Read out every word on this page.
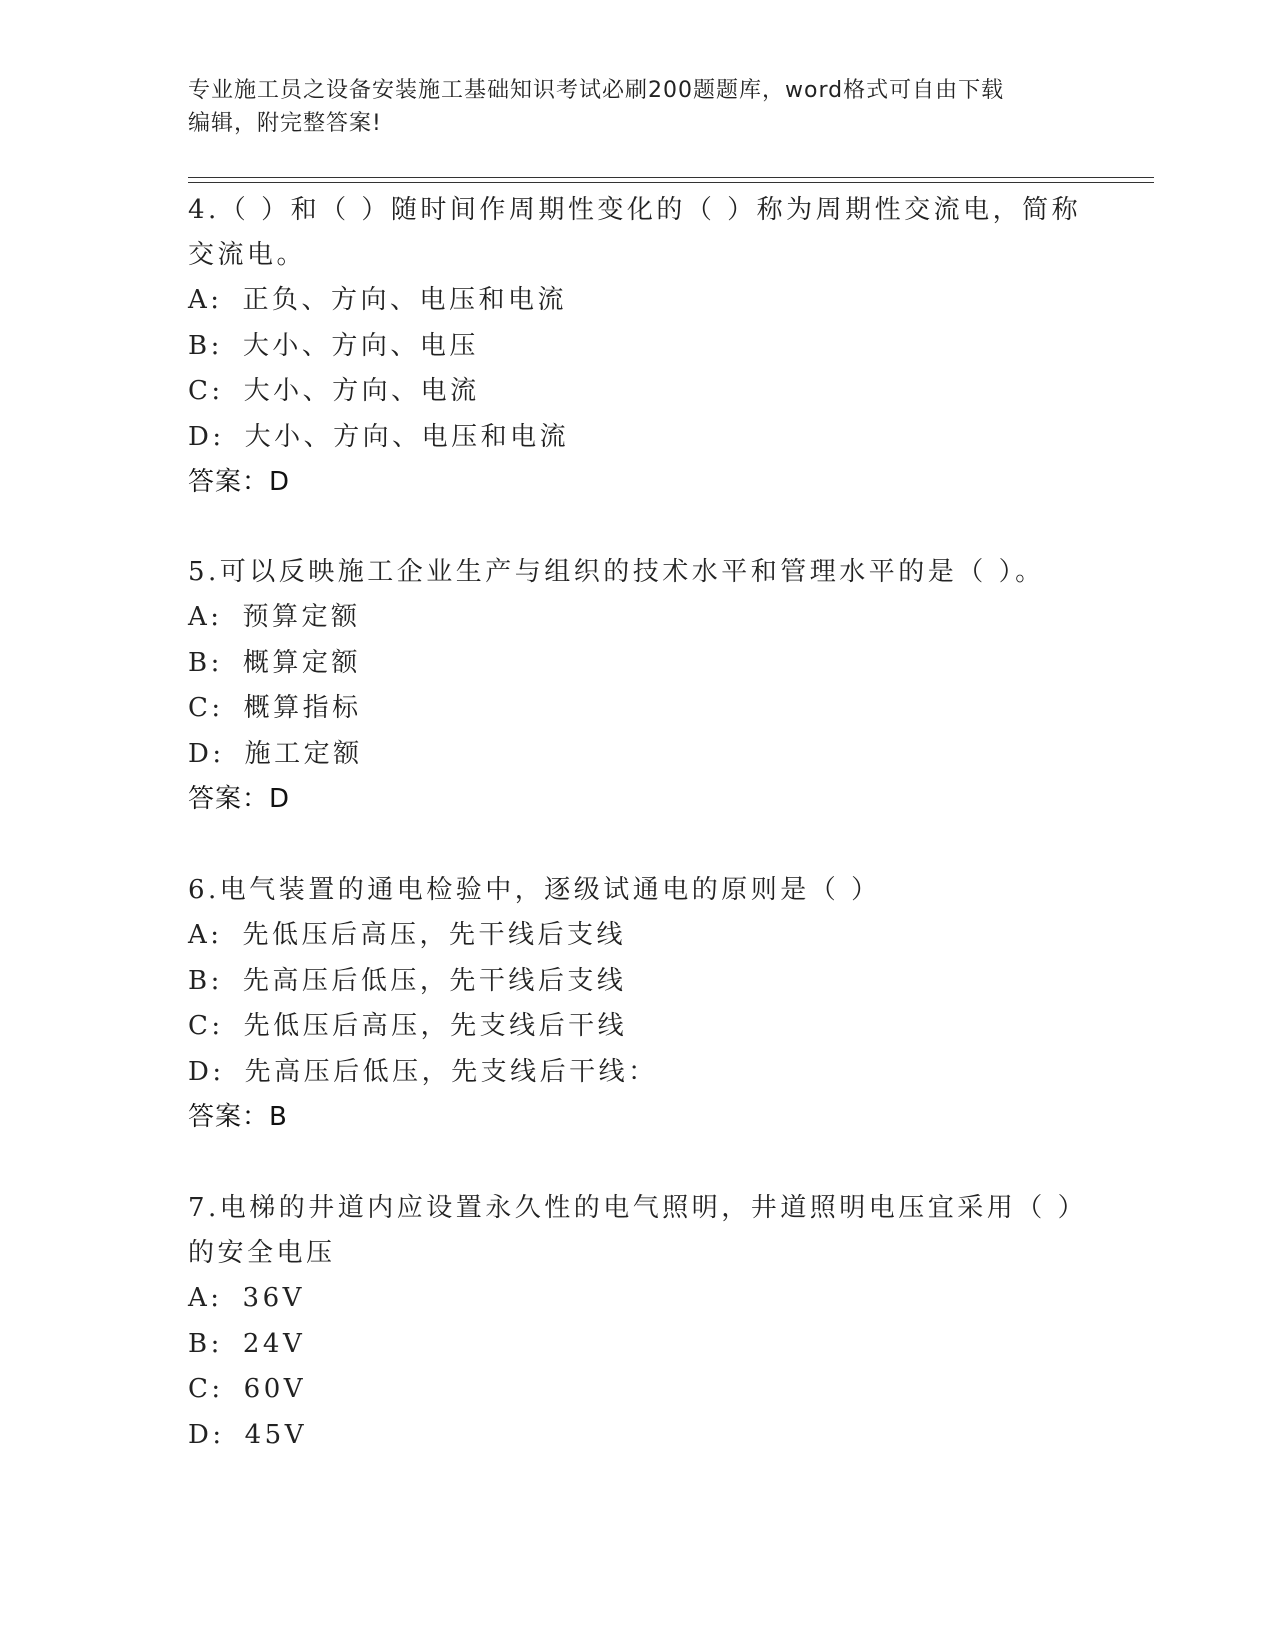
专业施工员之设备安装施工基础知识考试必刷200题题库，word格式可自由下载
编辑，附完整答案!

4.（ ）和（ ）随时间作周期性变化的（ ）称为周期性交流电，简称

交流电。

A: 正负、方向、电压和电流

B: 大小、方向、电压

C: 大小、方向、电流

D: 大小、方向、电压和电流

答案：D

5.可以反映施工企业生产与组织的技术水平和管理水平的是（ ）。

A: 预算定额

B: 概算定额

C: 概算指标

D: 施工定额

答案：D

6.电气装置的通电检验中，逐级试通电的原则是（ ）

A: 先低压后高压，先干线后支线

B: 先高压后低压，先干线后支线

C: 先低压后高压，先支线后干线

D: 先高压后低压，先支线后干线：

答案：B

7.电梯的井道内应设置永久性的电气照明，井道照明电压宜采用（ ）

的安全电压

A: 36V

B: 24V

C: 60V

D: 45V
